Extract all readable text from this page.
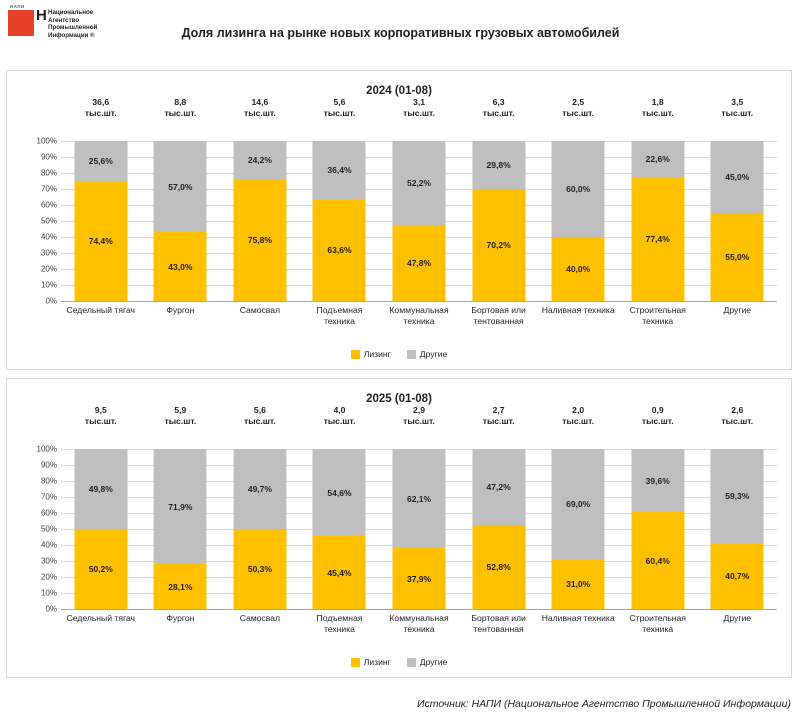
НАПИ
Н Национальное
Агентство
Промышленной
Информации ®	Доля лизинга на рынке новых корпоративных грузовых автомобилей
2024 (01-08)
36,6
тыс.шт.
8,8
тыс.шт.
14,6
тыс.шт.
5,6
тыс.шт.
3,1
тыс.шт.
6,3
тыс.шт.
2,5
тыс.шт.
1,8
тыс.шт.
3,5
тыс.шт.
100%
90%
80%
70%
60%
50%
40%
30%
20%
10%
0%
74,4%
25,6%
43,0%
57,0%
75,8%
24,2%
63,6%
36,4%
47,8%
52,2%
70,2%
29,8%
40,0%
60,0%
77,4%
22,6%
55,0%
45,0%
Седельный тягач	Фургон	Самосвал	Подъемная техника
Коммунальная техника
Бортовая или тентованная
Наливная техника	Строительная техника
Другие
Лизинг	Другие
2025 (01-08)
9,5
тыс.шт.
5,9
тыс.шт.
5,6
тыс.шт.
4,0
тыс.шт.
2,9
тыс.шт.
2,7
тыс.шт.
2,0
тыс.шт.
0,9
тыс.шт.
2,6
тыс.шт.
100%
90%
80%
70%
60%
50%
40%
30%
20%
10%
0%
50,2%
49,8%
28,1%
71,9%
50,3%
49,7%
45,4%
54,6%
37,9%
62,1%
52,8%
47,2%
31,0%
69,0%
60,4%
39,6%
40,7%
59,3%
Седельный тягач	Фургон	Самосвал	Подъемная техника
Коммунальная техника
Бортовая или тентованная
Наливная техника	Строительная техника
Другие
Лизинг	Другие
Источник: НАПИ (Национальное Агентство Промышленной Информации)
